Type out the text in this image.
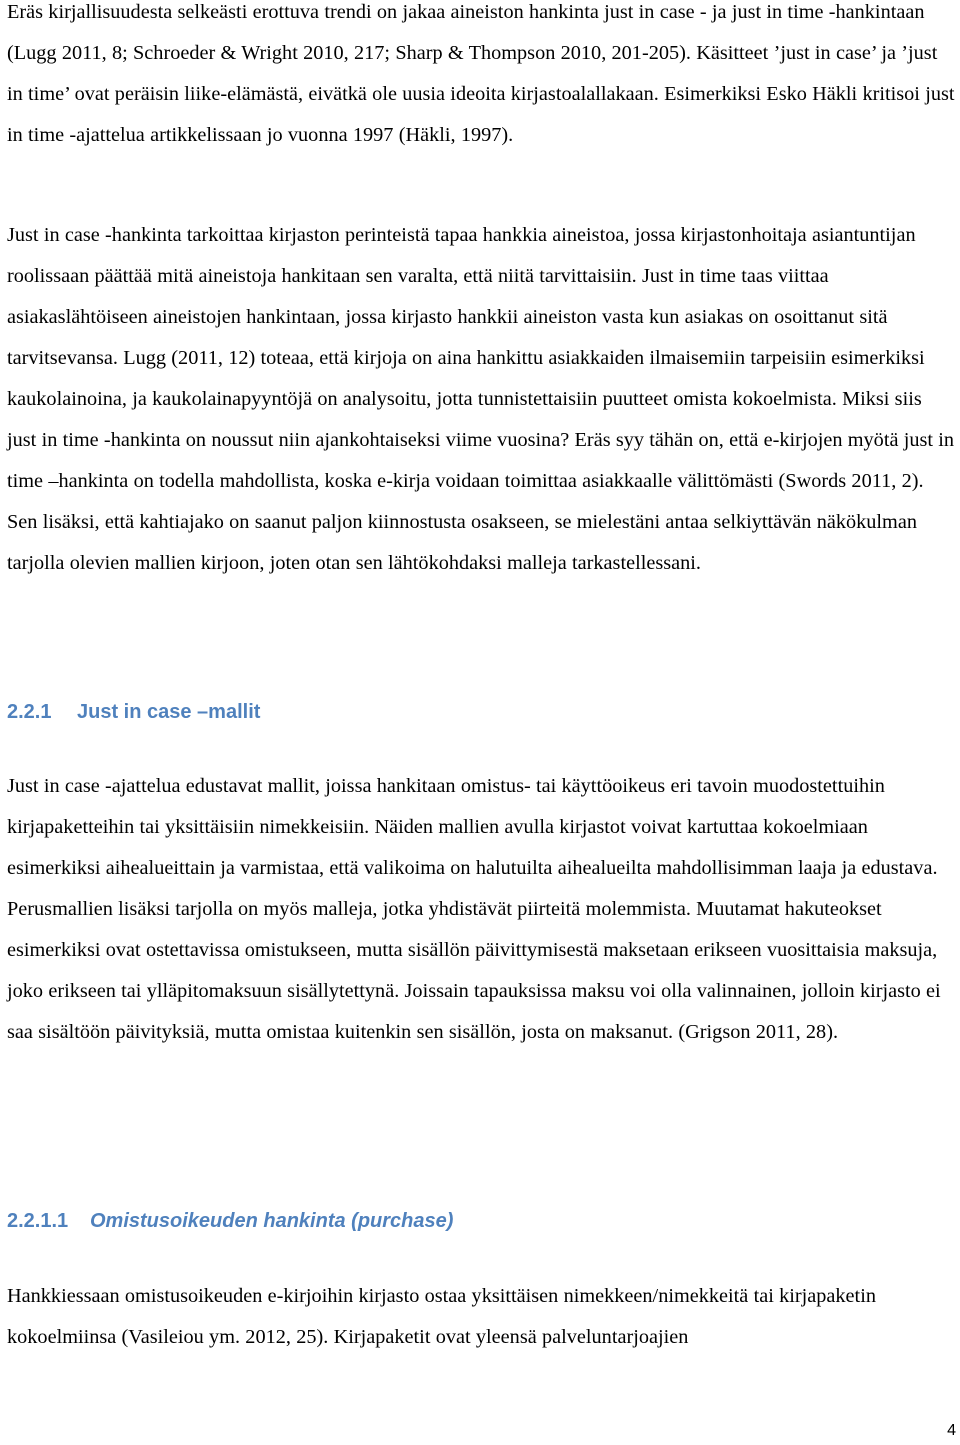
Eräs kirjallisuudesta selkeästi erottuva trendi on jakaa aineiston hankinta just in case - ja just in time -hankintaan (Lugg 2011, 8; Schroeder & Wright 2010, 217; Sharp & Thompson 2010, 201-205). Käsitteet ’just in case’ ja ’just in time’ ovat peräisin liike-elämästä, eivätkä ole uusia ideoita kirjastoalallakaan. Esimerkiksi Esko Häkli kritisoi just in time -ajattelua artikkelissaan jo vuonna 1997 (Häkli, 1997).

Just in case -hankinta tarkoittaa kirjaston perinteistä tapaa hankkia aineistoa, jossa kirjastonhoitaja asiantuntijan roolissaan päättää mitä aineistoja hankitaan sen varalta, että niitä tarvittaisiin. Just in time taas viittaa asiakaslähtöiseen aineistojen hankintaan, jossa kirjasto hankkii aineiston vasta kun asiakas on osoittanut sitä tarvitsevansa. Lugg (2011, 12) toteaa, että kirjoja on aina hankittu asiakkaiden ilmaisemiin tarpeisiin esimerkiksi kaukolainoina, ja kaukolainapyyntöjä on analysoitu, jotta tunnistettaisiin puutteet omista kokoelmista. Miksi siis just in time -hankinta on noussut niin ajankohtaiseksi viime vuosina? Eräs syy tähän on, että e-kirjojen myötä just in time –hankinta on todella mahdollista, koska e-kirja voidaan toimittaa asiakkaalle välittömästi (Swords 2011, 2). Sen lisäksi, että kahtiajako on saanut paljon kiinnostusta osakseen, se mielestäni antaa selkiyttävän näkökulman tarjolla olevien mallien kirjoon, joten otan sen lähtökohdaksi malleja tarkastellessani.

2.2.1 Just in case –mallit

Just in case -ajattelua edustavat mallit, joissa hankitaan omistus- tai käyttöoikeus eri tavoin muodostettuihin kirjapaketteihin tai yksittäisiin nimekkeisiin. Näiden mallien avulla kirjastot voivat kartuttaa kokoelmiaan esimerkiksi aihealueittain ja varmistaa, että valikoima on halutuilta aihealueilta mahdollisimman laaja ja edustava. Perusmallien lisäksi tarjolla on myös malleja, jotka yhdistävät piirteitä molemmista. Muutamat hakuteokset esimerkiksi ovat ostettavissa omistukseen, mutta sisällön päivittymisestä maksetaan erikseen vuosittaisia maksuja, joko erikseen tai ylläpitomaksuun sisällytettynä. Joissain tapauksissa maksu voi olla valinnainen, jolloin kirjasto ei saa sisältöön päivityksiä, mutta omistaa kuitenkin sen sisällön, josta on maksanut. (Grigson 2011, 28).

2.2.1.1 Omistusoikeuden hankinta (purchase)

Hankkiessaan omistusoikeuden e-kirjoihin kirjasto ostaa yksittäisen nimekkeen/nimekkeitä tai kirjapaketin kokoelmiinsa (Vasileiou ym. 2012, 25). Kirjapaketit ovat yleensä palveluntarjoajien

4
